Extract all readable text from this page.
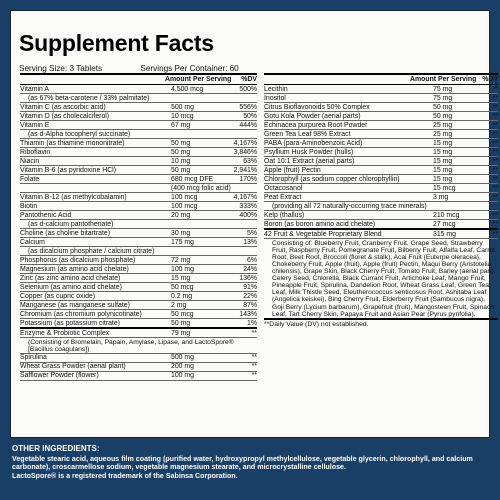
Supplement Facts
Serving Size: 3 Tablets	Servings Per Container: 60
Amount Per Serving %DV
Vitamin A	4,500 mcg	500%
(as 67% beta-carotene / 33% palmitate)
Vitamin C (as ascorbic acid)	500 mg	556%
Vitamin D (as cholecalciferol)	10 mcg	50%
Vitamin E	67 mg	444%
(as d-Alpha tocopheryl succinate)
Thiamin (as thiamine mononitrate)	50 mg	4,167%
Riboflavin	50 mg	3,846%
Niacin	10 mg	63%
Vitamin B-6 (as pyridoxine HCl)	50 mg	2,941%
Folate	680 mcg DFE	170%
(400 mcg folic acid)
Vitamin B-12 (as methylcobalamin)	100 mcg	4,167%
Biotin	100 mcg	333%
Pantothenic Acid	20 mg	400%
(as d-calcium pantothenate)
Choline (as choline bitartrate)	30 mg	5%
Calcium	175 mg	13%
(as dicalcium phosphate / calcium citrate)
Phosphorus (as dicalcium phosphate)	72 mg	6%
Magnesium (as amino acid chelate)	100 mg	24%
Zinc (as zinc amino acid chelate)	15 mg	136%
Selenium (as amino acid chelate)	50 mcg	91%
Copper (as cupric oxide)	0.2 mg	22%
Manganese (as manganese sulfate)	2 mg	87%
Chromium (as chromium polynicotinate)	50 mcg	143%
Potassium (as potassium citrate)	50 mg	1%
Enzyme & Probiotic Complex	79 mg	**
(Consisting of Bromelain, Papain, Amylase, Lipase, and LactoSpore® [Bacillus coagulans])
Spirulina	500 mg	**
Wheat Grass Powder (aerial plant)	200 mg	**
Safflower Powder (flower)	100 mg	**
Amount Per Serving %DV
Lecithin	75 mg	**
Inositol	75 mg	**
Citrus Bioflavonoids 50% Complex	50 mg	**
Gotu Kola Powder (aerial parts)	50 mg	**
Echinacea purpurea Root Powder	25 mg	**
Green Tea Leaf 98% Extract	25 mg	**
PABA (para-Aminobenzoic Acid)	15 mg	**
Psyllium Husk Powder (hulls)	15 mg	**
Oat 10:1 Extract (aerial parts)	15 mg	**
Apple (fruit) Pectin	15 mg	**
Chlorophyll (as sodium copper chlorophyllin)	15 mg	**
Octacosanol	15 mcg	**
Peat Extract	3 mg	**
(providing all 72 naturally-occurring trace minerals)
Kelp (thallus)	210 mcg	**
Boron (as boron amino acid chelate)	27 mcg	**
42 Fruit & Vegetable Proprietary Blend	315 mg	**
Consisting of: Blueberry Fruit, Cranberry Fruit, Grape Seed, Strawberry Fruit, Raspberry Fruit, Pomegranate Fruit, Bilberry Fruit, Alfalfa Leaf, Carrot Root, Beet Root, Broccoli (floret & stalk), Acai Fruit (Euterpe oleracea), Chokeberry Fruit, Apple (fruit), Apple (fruit) Pectin, Maqui Berry (Aristotelia chilensis), Grape Skin, Black Cherry Fruit, Tomato Fruit, Barley (aerial part), Celery Seed, Chlorella, Black Currant Fruit, Artichoke Leaf, Mango Fruit, Pineapple Fruit, Spirulina, Dandelion Root, Wheat Grass Leaf, Green Tea Leaf, Milk Thistle Seed, Eleutherococcus senticosus Root, Ashitaba Leaf (Angelica keiskei), Bing Cherry Fruit, Elderberry Fruit (Sambucus nigra), Goji Berry (Lycium barbarum), Grapefruit (fruit), Mangosteen Fruit, Spinach Leaf, Tart Cherry Skin, Papaya Fruit and Asian Pear (Pyrus pyrifolia).
**Daily Value (DV) not established.
OTHER INGREDIENTS:
Vegetable stearic acid, aqueous film coating (purified water, hydroxypropyl methylcellulose, vegetable glycerin, chlorophyll, and calcium carbonate), croscarmellose sodium, vegetable magnesium stearate, and microcrystalline cellulose.
LactoSpore® is a registered trademark of the Sabinsa Corporation.
